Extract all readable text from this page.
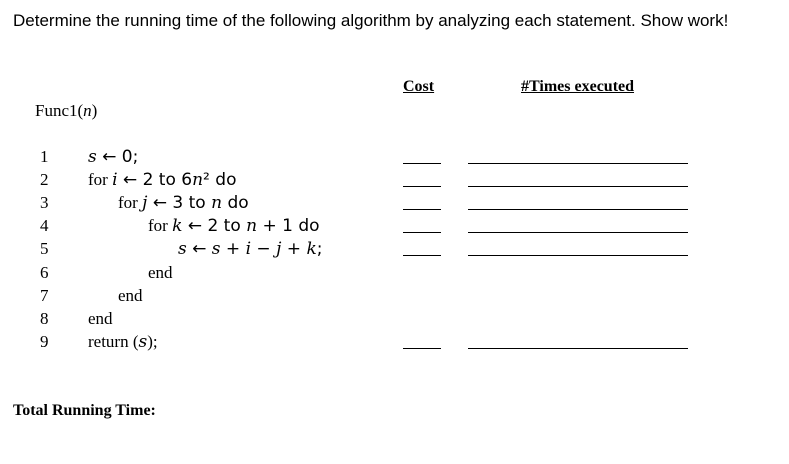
Determine the running time of the following algorithm by analyzing each statement. Show work!
Cost	#Times executed
Func1(n)
1 s ← 0;
2 for i ← 2 to 6n² do
3	for j ← 3 to n do
4	for k ← 2 to n + 1 do
5	s ← s + i − j + k;
6	end
7	end
8 end
9 return (s);
Total Running Time:
